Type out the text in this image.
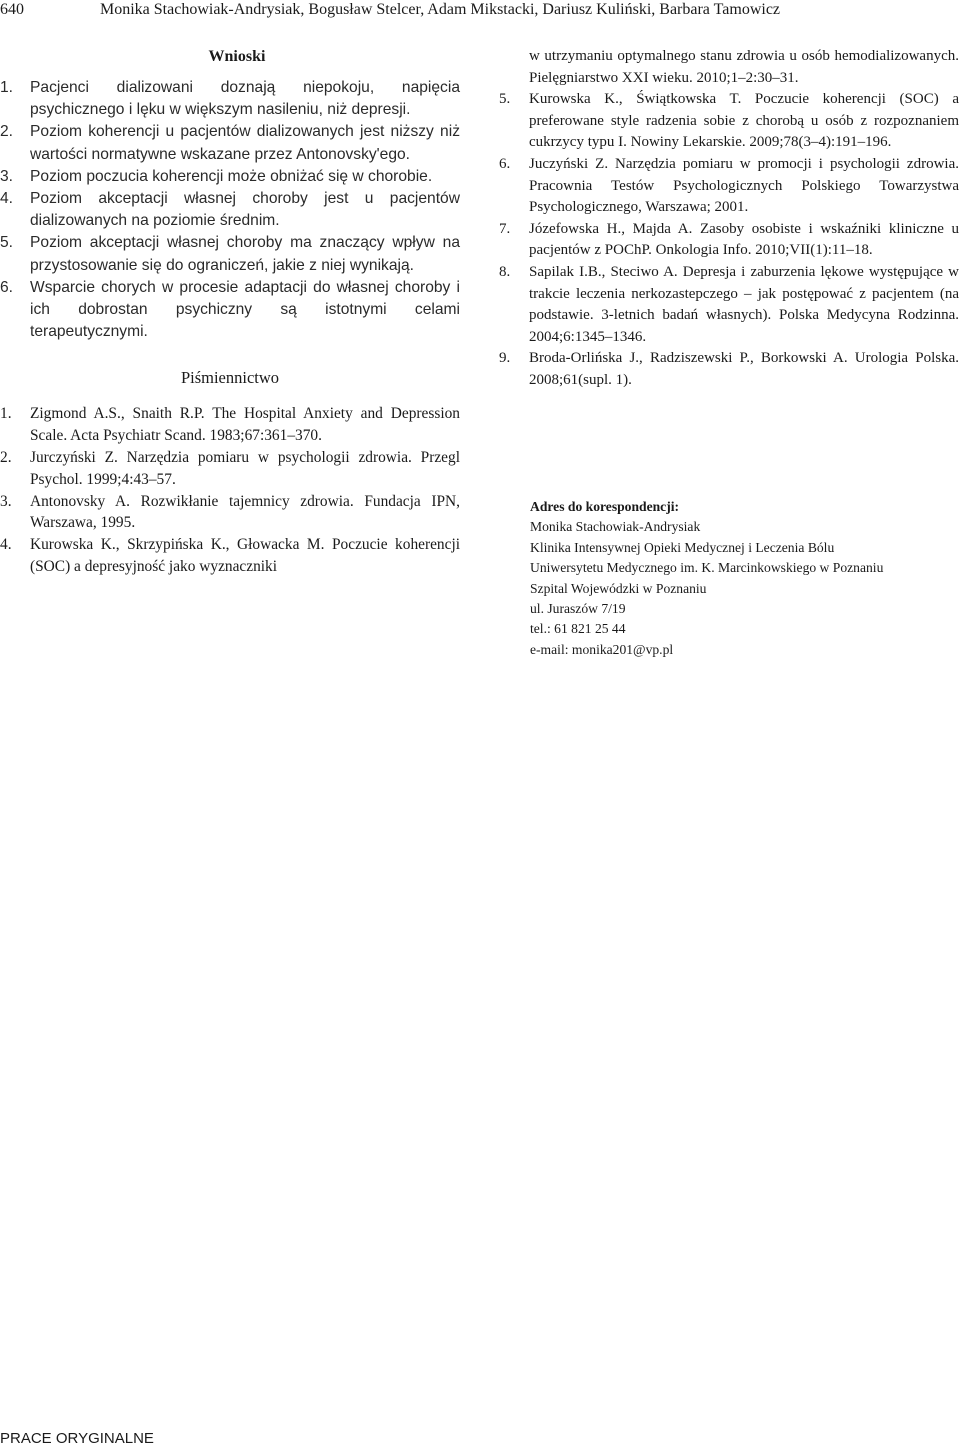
640	Monika Stachowiak-Andrysiak, Bogusław Stelcer, Adam Mikstacki, Dariusz Kuliński, Barbara Tamowicz
Wnioski
1. Pacjenci dializowani doznają niepokoju, napięcia psychicznego i lęku w większym nasileniu, niż depresji.
2. Poziom koherencji u pacjentów dializowanych jest niższy niż wartości normatywne wskazane przez Antonovsky'ego.
3. Poziom poczucia koherencji może obniżać się w chorobie.
4. Poziom akceptacji własnej choroby jest u pacjentów dializowanych na poziomie średnim.
5. Poziom akceptacji własnej choroby ma znaczący wpływ na przystosowanie się do ograniczeń, jakie z niej wynikają.
6. Wsparcie chorych w procesie adaptacji do własnej choroby i ich dobrostan psychiczny są istotnymi celami terapeutycznymi.
Piśmiennictwo
1. Zigmond A.S., Snaith R.P. The Hospital Anxiety and Depression Scale. Acta Psychiatr Scand. 1983;67:361–370.
2. Jurczyński Z. Narzędzia pomiaru w psychologii zdrowia. Przegl Psychol. 1999;4:43–57.
3. Antonovsky A. Rozwikłanie tajemnicy zdrowia. Fundacja IPN, Warszawa, 1995.
4. Kurowska K., Skrzypińska K., Głowacka M. Poczucie koherencji (SOC) a depresyjność jako wyznaczniki
w utrzymaniu optymalnego stanu zdrowia u osób hemodializowanych. Pielęgniarstwo XXI wieku. 2010;1–2:30–31.
5. Kurowska K., Świątkowska T. Poczucie koherencji (SOC) a preferowane style radzenia sobie z chorobą u osób z rozpoznaniem cukrzycy typu I. Nowiny Lekarskie. 2009;78(3–4):191–196.
6. Juczyński Z. Narzędzia pomiaru w promocji i psychologii zdrowia. Pracownia Testów Psychologicznych Polskiego Towarzystwa Psychologicznego, Warszawa; 2001.
7. Józefowska H., Majda A. Zasoby osobiste i wskaźniki kliniczne u pacjentów z POChP. Onkologia Info. 2010;VII(1):11–18.
8. Sapilak I.B., Steciwo A. Depresja i zaburzenia lękowe występujące w trakcie leczenia nerkozastepczego – jak postępować z pacjentem (na podstawie. 3-letnich badań własnych). Polska Medycyna Rodzinna. 2004;6:1345–1346.
9. Broda-Orlińska J., Radziszewski P., Borkowski A. Urologia Polska. 2008;61(supl. 1).
Adres do korespondencji:
Monika Stachowiak-Andrysiak
Klinika Intensywnej Opieki Medycznej i Leczenia Bólu
Uniwersytetu Medycznego im. K. Marcinkowskiego w Poznaniu
Szpital Wojewódzki w Poznaniu
ul. Juraszów 7/19
tel.: 61 821 25 44
e-mail: monika201@vp.pl
PRACE ORYGINALNE
